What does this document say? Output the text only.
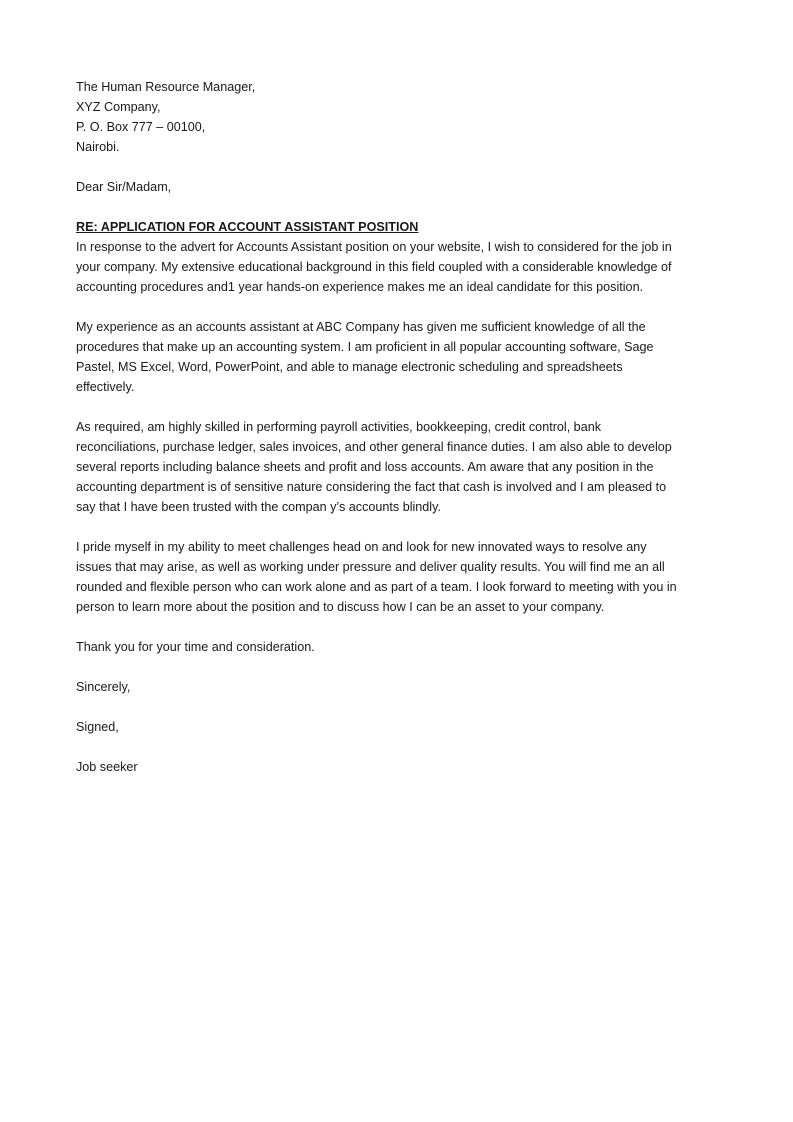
The Human Resource Manager,
XYZ Company,
P. O. Box 777 – 00100,
Nairobi.
Dear Sir/Madam,
RE: APPLICATION FOR ACCOUNT ASSISTANT POSITION
In response to the advert for Accounts Assistant position on your website, I wish to considered for the job in
your company. My extensive educational background in this field coupled with a considerable knowledge of
accounting procedures and1 year hands-on experience makes me an ideal candidate for this position.
My experience as an accounts assistant at ABC Company has given me sufficient knowledge of all the
procedures that make up an accounting system. I am proficient in all popular accounting software, Sage
Pastel, MS Excel, Word, PowerPoint, and able to manage electronic scheduling and spreadsheets
effectively.
As required, am highly skilled in performing payroll activities, bookkeeping, credit control, bank
reconciliations, purchase ledger, sales invoices, and other general finance duties. I am also able to develop
several reports including balance sheets and profit and loss accounts. Am aware that any position in the
accounting department is of sensitive nature considering the fact that cash is involved and I am pleased to
say that I have been trusted with the compan y’s accounts blindly.
I pride myself in my ability to meet challenges head on and look for new innovated ways to resolve any
issues that may arise, as well as working under pressure and deliver quality results. You will find me an all
rounded and flexible person who can work alone and as part of a team. I look forward to meeting with you in
person to learn more about the position and to discuss how I can be an asset to your company.
Thank you for your time and consideration.
Sincerely,
Signed,
Job seeker
